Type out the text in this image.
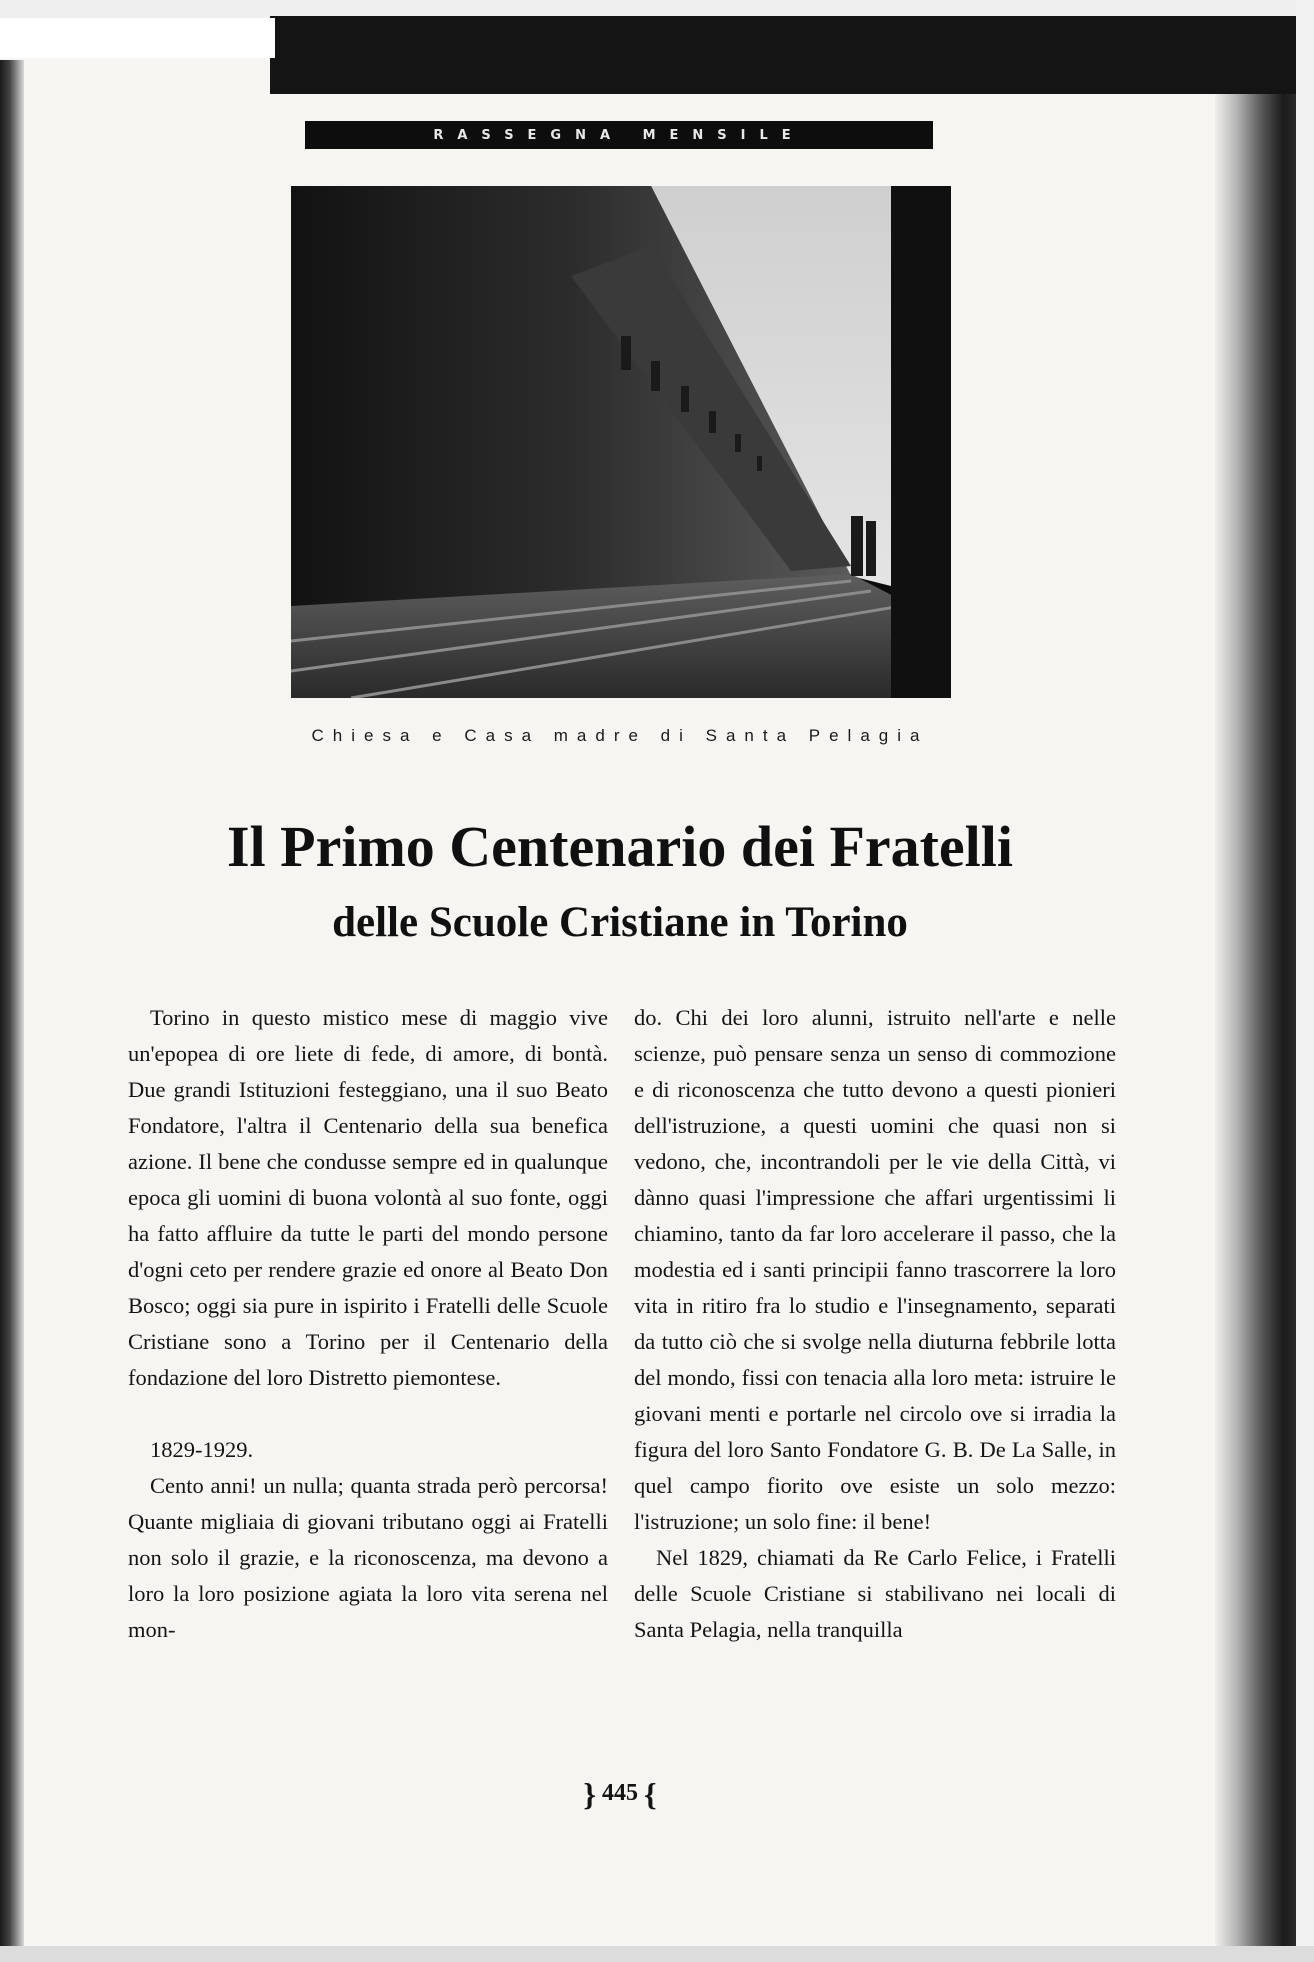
RASSEGNA MENSILE
Chiesa e Casa madre di Santa Pelagia
Il Primo Centenario dei Fratelli
delle Scuole Cristiane in Torino

Torino in questo mistico mese di maggio vive un'epopea di ore liete di fede, di amore, di bontà. Due grandi Istituzioni festeggiano, una il suo Beato Fondatore, l'altra il Centenario della sua benefica azione. Il bene che condusse sempre ed in qualunque epoca gli uomini di buona volontà al suo fonte, oggi ha fatto affluire da tutte le parti del mondo persone d'ogni ceto per rendere grazie ed onore al Beato Don Bosco; oggi sia pure in ispirito i Fratelli delle Scuole Cristiane sono a Torino per il Centenario della fondazione del loro Distretto piemontese.

1829-1929.

Cento anni! un nulla; quanta strada però percorsa! Quante migliaia di giovani tributano oggi ai Fratelli non solo il grazie, e la riconoscenza, ma devono a loro la loro posizione agiata la loro vita serena nel mon-

do. Chi dei loro alunni, istruito nell'arte e nelle scienze, può pensare senza un senso di commozione e di riconoscenza che tutto devono a questi pionieri dell'istruzione, a questi uomini che quasi non si vedono, che, incontrandoli per le vie della Città, vi dànno quasi l'impressione che affari urgentissimi li chiamino, tanto da far loro accelerare il passo, che la modestia ed i santi principii fanno trascorrere la loro vita in ritiro fra lo studio e l'insegnamento, separati da tutto ciò che si svolge nella diuturna febbrile lotta del mondo, fissi con tenacia alla loro meta: istruire le giovani menti e portarle nel circolo ove si irradia la figura del loro Santo Fondatore G. B. De La Salle, in quel campo fiorito ove esiste un solo mezzo: l'istruzione; un solo fine: il bene!

Nel 1829, chiamati da Re Carlo Felice, i Fratelli delle Scuole Cristiane si stabilivano nei locali di Santa Pelagia, nella tranquilla

} 445 {
